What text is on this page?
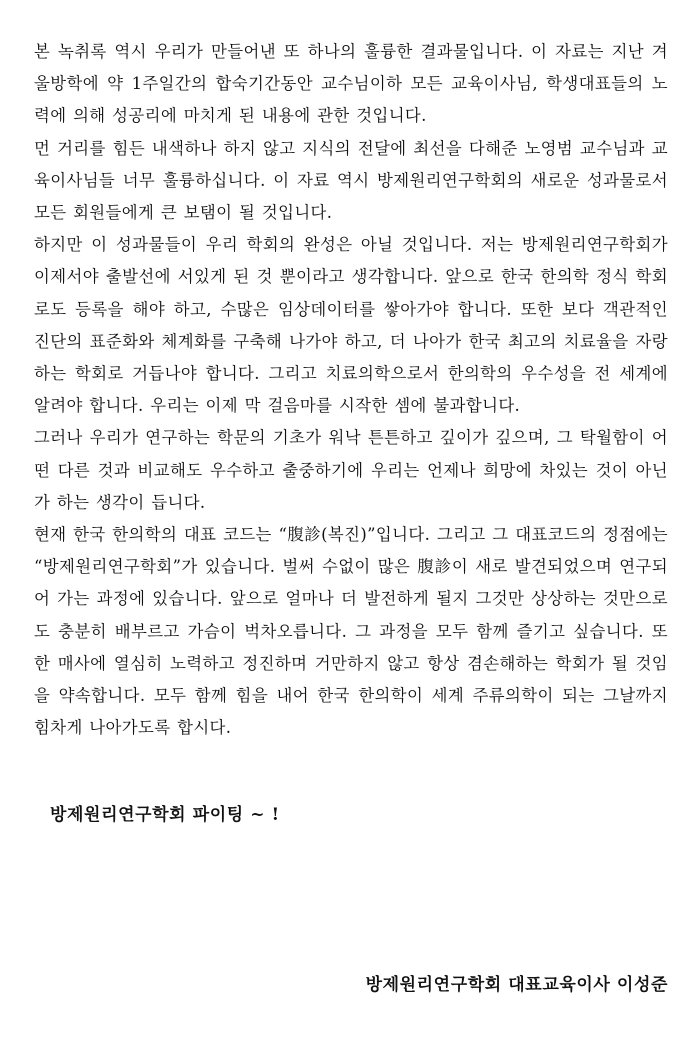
본 녹취록 역시 우리가 만들어낸 또 하나의 훌륭한 결과물입니다. 이 자료는 지난 겨울방학에 약 1주일간의 합숙기간동안 교수님이하 모든 교육이사님, 학생대표들의 노력에 의해 성공리에 마치게 된 내용에 관한 것입니다.

먼 거리를 힘든 내색하나 하지 않고 지식의 전달에 최선을 다해준 노영범 교수님과 교육이사님들 너무 훌륭하십니다. 이 자료 역시 방제원리연구학회의 새로운 성과물로서 모든 회원들에게 큰 보탬이 될 것입니다.

하지만 이 성과물들이 우리 학회의 완성은 아닐 것입니다. 저는 방제원리연구학회가 이제서야 출발선에 서있게 된 것 뿐이라고 생각합니다. 앞으로 한국 한의학 정식 학회로도 등록을 해야 하고, 수많은 임상데이터를 쌓아가야 합니다. 또한 보다 객관적인 진단의 표준화와 체계화를 구축해 나가야 하고, 더 나아가 한국 최고의 치료율을 자랑하는 학회로 거듭나야 합니다. 그리고 치료의학으로서 한의학의 우수성을 전 세계에 알려야 합니다. 우리는 이제 막 걸음마를 시작한 셈에 불과합니다.

그러나 우리가 연구하는 학문의 기초가 워낙 튼튼하고 깊이가 깊으며, 그 탁월함이 어떤 다른 것과 비교해도 우수하고 출중하기에 우리는 언제나 희망에 차있는 것이 아닌가 하는 생각이 듭니다.

현재 한국 한의학의 대표 코드는 “腹診(복진)”입니다. 그리고 그 대표코드의 정점에는 “방제원리연구학회”가 있습니다. 벌써 수없이 많은 腹診이 새로 발견되었으며 연구되어 가는 과정에 있습니다. 앞으로 얼마나 더 발전하게 될지 그것만 상상하는 것만으로도 충분히 배부르고 가슴이 벅차오릅니다. 그 과정을 모두 함께 즐기고 싶습니다. 또한 매사에 열심히 노력하고 정진하며 거만하지 않고 항상 겸손해하는 학회가 될 것임을 약속합니다. 모두 함께 힘을 내어 한국 한의학이 세계 주류의학이 되는 그날까지 힘차게 나아가도록 합시다.

방제원리연구학회 파이팅 ~ !
방제원리연구학회 대표교육이사 이성준
